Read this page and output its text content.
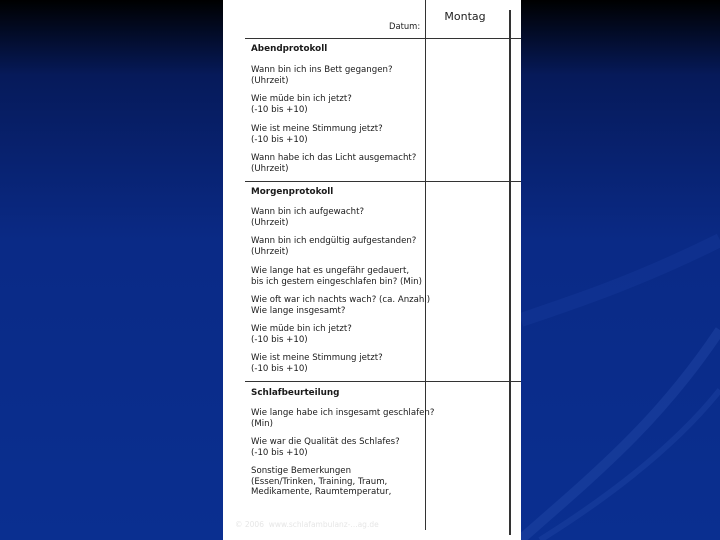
Montag
Datum:
Abendprotokoll
Wann bin ich ins Bett gegangen?
(Uhrzeit)
Wie müde bin ich jetzt?
(-10 bis +10)
Wie ist meine Stimmung jetzt?
(-10 bis +10)
Wann habe ich das Licht ausgemacht?
(Uhrzeit)
Morgenprotokoll
Wann bin ich aufgewacht?
(Uhrzeit)
Wann bin ich endgültig aufgestanden?
(Uhrzeit)
Wie lange hat es ungefähr gedauert,
bis ich gestern eingeschlafen bin? (Min)
Wie oft war ich nachts wach? (ca. Anzahl)
Wie lange insgesamt?
Wie müde bin ich jetzt?
(-10 bis +10)
Wie ist meine Stimmung jetzt?
(-10 bis +10)
Schlafbeurteilung
Wie lange habe ich insgesamt geschlafen?
(Min)
Wie war die Qualität des Schlafes?
(-10 bis +10)
Sonstige Bemerkungen
(Essen/Trinken, Training, Traum,
Medikamente, Raumtemperatur,
© 2006  www.schlafambulanz-...ag.de
